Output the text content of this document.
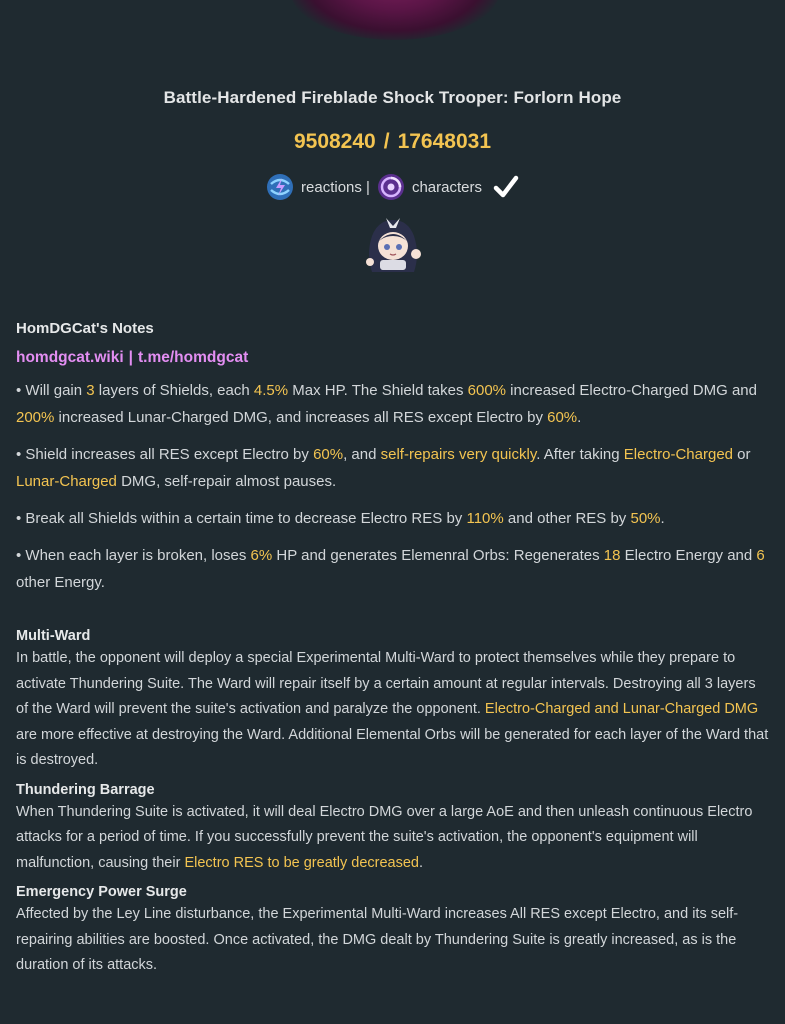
Battle-Hardened Fireblade Shock Trooper: Forlorn Hope
9508240 / 17648031
reactions |	characters
HomDGCat's Notes
homdgcat.wiki | t.me/homdgcat
• Will gain 3 layers of Shields, each 4.5% Max HP. The Shield takes 600% increased Electro-Charged DMG and 200% increased Lunar-Charged DMG, and increases all RES except Electro by 60%.
• Shield increases all RES except Electro by 60%, and self-repairs very quickly. After taking Electro-Charged or Lunar-Charged DMG, self-repair almost pauses.
• Break all Shields within a certain time to decrease Electro RES by 110% and other RES by 50%.
• When each layer is broken, loses 6% HP and generates Elemenral Orbs: Regenerates 18 Electro Energy and 6 other Energy.
Multi-Ward
In battle, the opponent will deploy a special Experimental Multi-Ward to protect themselves while they prepare to activate Thundering Suite. The Ward will repair itself by a certain amount at regular intervals. Destroying all 3 layers of the Ward will prevent the suite's activation and paralyze the opponent. Electro-Charged and Lunar-Charged DMG are more effective at destroying the Ward. Additional Elemental Orbs will be generated for each layer of the Ward that is destroyed.
Thundering Barrage
When Thundering Suite is activated, it will deal Electro DMG over a large AoE and then unleash continuous Electro attacks for a period of time. If you successfully prevent the suite's activation, the opponent's equipment will malfunction, causing their Electro RES to be greatly decreased.
Emergency Power Surge
Affected by the Ley Line disturbance, the Experimental Multi-Ward increases All RES except Electro, and its self-repairing abilities are boosted. Once activated, the DMG dealt by Thundering Suite is greatly increased, as is the duration of its attacks.
